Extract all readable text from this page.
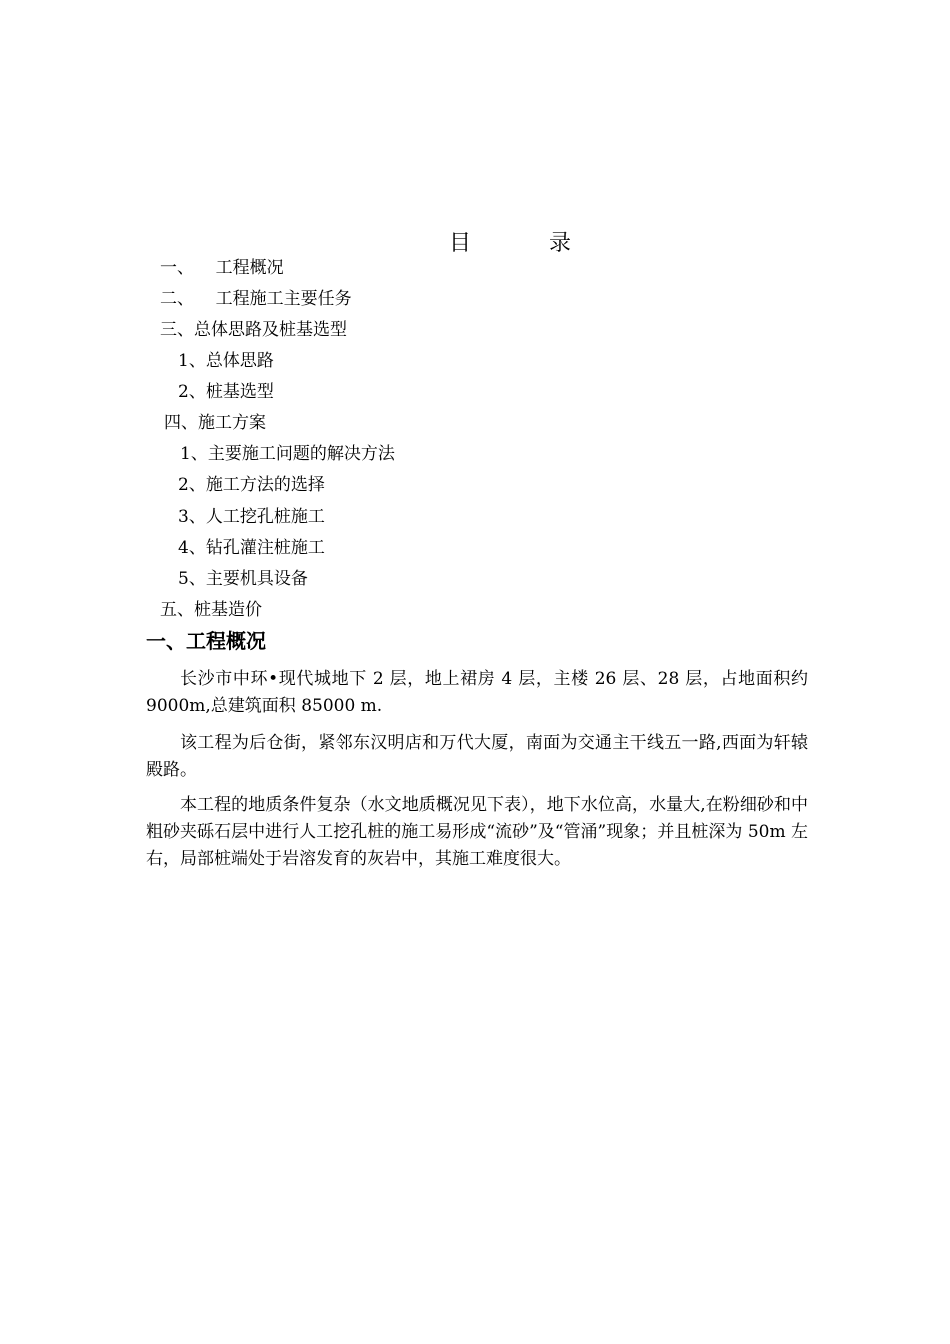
目	录

一、    工程概况
二、    工程施工主要任务
三、总体思路及桩基选型
1、总体思路
2、桩基选型
四、施工方案
1、主要施工问题的解决方法
2、施工方法的选择
3、人工挖孔桩施工
4、钻孔灌注桩施工
5、主要机具设备
五、桩基造价
一、工程概况

长沙市中环•现代城地下 2 层，地上裙房 4 层，主楼 26 层、28 层，占地面积约 9000m,总建筑面积 85000 m.

该工程为后仓街，紧邻东汉明店和万代大厦，南面为交通主干线五一路,西面为轩辕殿路。

本工程的地质条件复杂（水文地质概况见下表），地下水位高，水量大,在粉细砂和中粗砂夹砾石层中进行人工挖孔桩的施工易形成“流砂”及“管涌”现象；并且桩深为 50m 左右，局部桩端处于岩溶发育的灰岩中，其施工难度很大。
